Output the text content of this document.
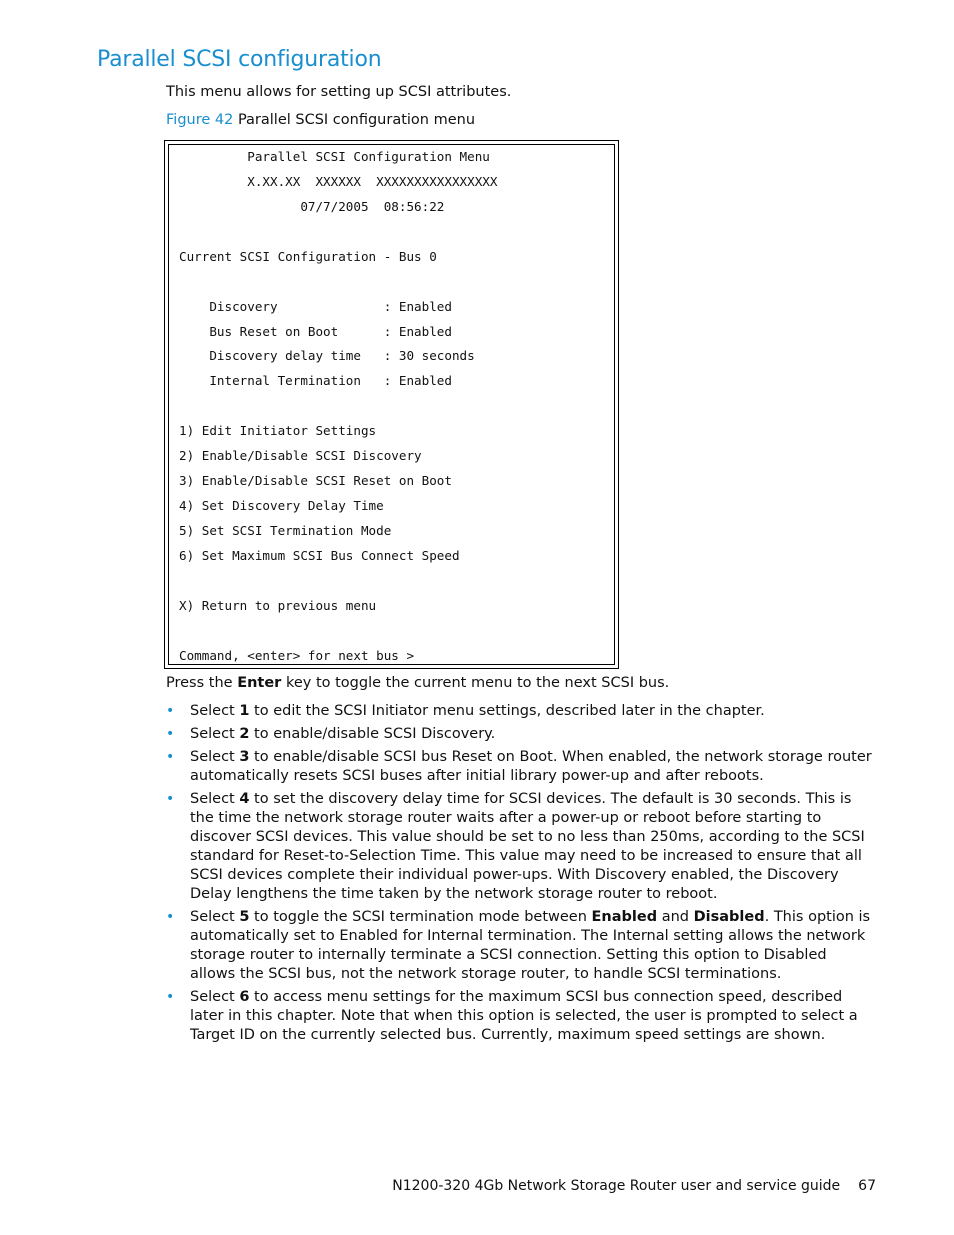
Parallel SCSI configuration
This menu allows for setting up SCSI attributes.
Figure 42 Parallel SCSI configuration menu
Parallel SCSI Configuration Menu
X.XX.XX  XXXXXX  XXXXXXXXXXXXXXXX
07/7/2005  08:56:22
Current SCSI Configuration - Bus 0
Discovery              : Enabled
Bus Reset on Boot      : Enabled
Discovery delay time   : 30 seconds
Internal Termination   : Enabled
1) Edit Initiator Settings
2) Enable/Disable SCSI Discovery
3) Enable/Disable SCSI Reset on Boot
4) Set Discovery Delay Time
5) Set SCSI Termination Mode
6) Set Maximum SCSI Bus Connect Speed
X) Return to previous menu
Command, <enter> for next bus >
Press the Enter key to toggle the current menu to the next SCSI bus.
• Select 1 to edit the SCSI Initiator menu settings, described later in the chapter.
• Select 2 to enable/disable SCSI Discovery.
• Select 3 to enable/disable SCSI bus Reset on Boot. When enabled, the network storage router automatically resets SCSI buses after initial library power-up and after reboots.
• Select 4 to set the discovery delay time for SCSI devices. The default is 30 seconds. This is the time the network storage router waits after a power-up or reboot before starting to discover SCSI devices. This value should be set to no less than 250ms, according to the SCSI standard for Reset-to-Selection Time. This value may need to be increased to ensure that all SCSI devices complete their individual power-ups. With Discovery enabled, the Discovery Delay lengthens the time taken by the network storage router to reboot.
• Select 5 to toggle the SCSI termination mode between Enabled and Disabled. This option is automatically set to Enabled for Internal termination. The Internal setting allows the network storage router to internally terminate a SCSI connection. Setting this option to Disabled allows the SCSI bus, not the network storage router, to handle SCSI terminations.
• Select 6 to access menu settings for the maximum SCSI bus connection speed, described later in this chapter. Note that when this option is selected, the user is prompted to select a Target ID on the currently selected bus. Currently, maximum speed settings are shown.
N1200-320 4Gb Network Storage Router user and service guide 67
